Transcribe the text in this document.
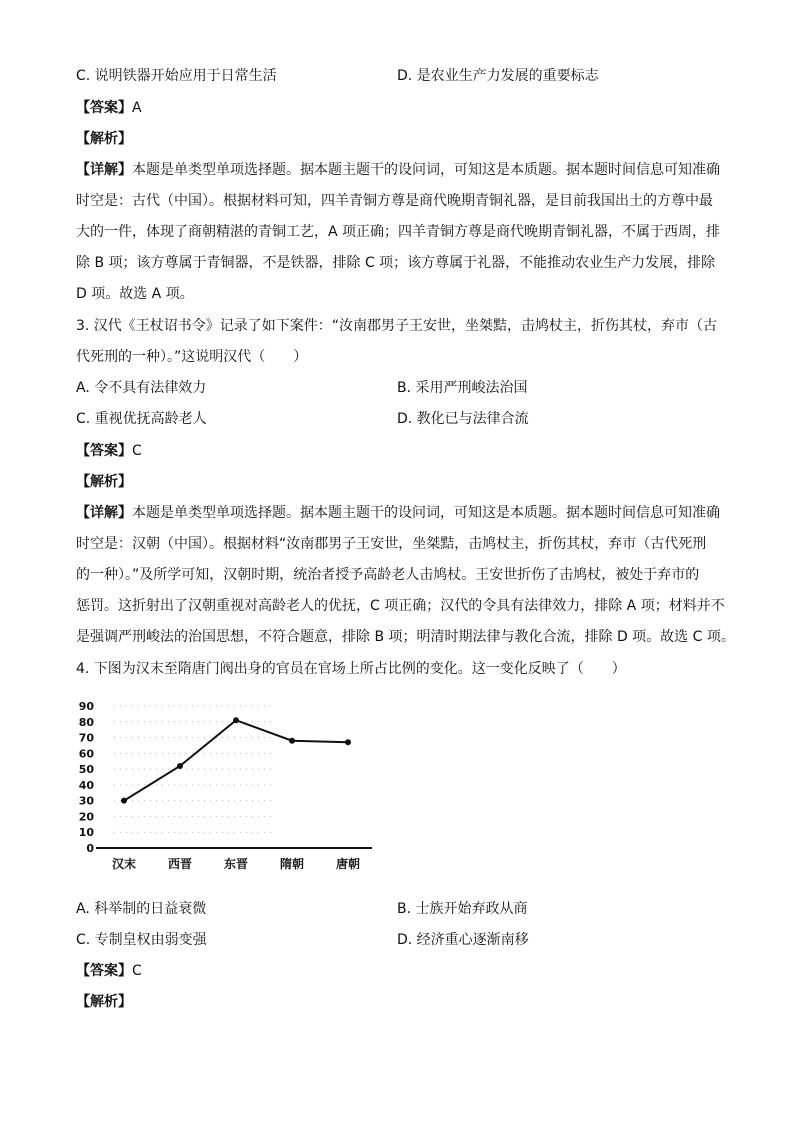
C. 说明铁器开始应用于日常生活	D. 是农业生产力发展的重要标志
【答案】A
【解析】
【详解】本题是单类型单项选择题。据本题主题干的设问词，可知这是本质题。据本题时间信息可知准确
时空是：古代（中国）。根据材料可知，四羊青铜方尊是商代晚期青铜礼器，是目前我国出土的方尊中最
大的一件，体现了商朝精湛的青铜工艺，A 项正确；四羊青铜方尊是商代晚期青铜礼器，不属于西周，排
除 B 项；该方尊属于青铜器，不是铁器，排除 C 项；该方尊属于礼器，不能推动农业生产力发展，排除
D 项。故选 A 项。
3. 汉代《王杖诏书令》记录了如下案件：“汝南郡男子王安世，坐桀黠，击鸠杖主，折伤其杖，弃市（古
代死刑的一种）。”这说明汉代（　　）
A. 令不具有法律效力	B. 采用严刑峻法治国
C. 重视优抚高龄老人	D. 教化已与法律合流
【答案】C
【解析】
【详解】本题是单类型单项选择题。据本题主题干的设问词，可知这是本质题。据本题时间信息可知准确
时空是：汉朝（中国）。根据材料“汝南郡男子王安世，坐桀黠，击鸠杖主，折伤其杖，弃市（古代死刑
的一种）。”及所学可知，汉朝时期，统治者授予高龄老人击鸠杖。王安世折伤了击鸠杖，被处于弃市的
惩罚。这折射出了汉朝重视对高龄老人的优抚，C 项正确；汉代的令具有法律效力，排除 A 项；材料并不
是强调严刑峻法的治国思想，不符合题意，排除 B 项；明清时期法律与教化合流，排除 D 项。故选 C 项。
4. 下图为汉末至隋唐门阀出身的官员在官场上所占比例的变化。这一变化反映了（　　）
0
10
20
30
40
50
60
70
80
90
汉末	西晋	东晋	隋朝	唐朝
A. 科举制的日益衰微	B. 士族开始弃政从商
C. 专制皇权由弱变强	D. 经济重心逐渐南移
【答案】C
【解析】
